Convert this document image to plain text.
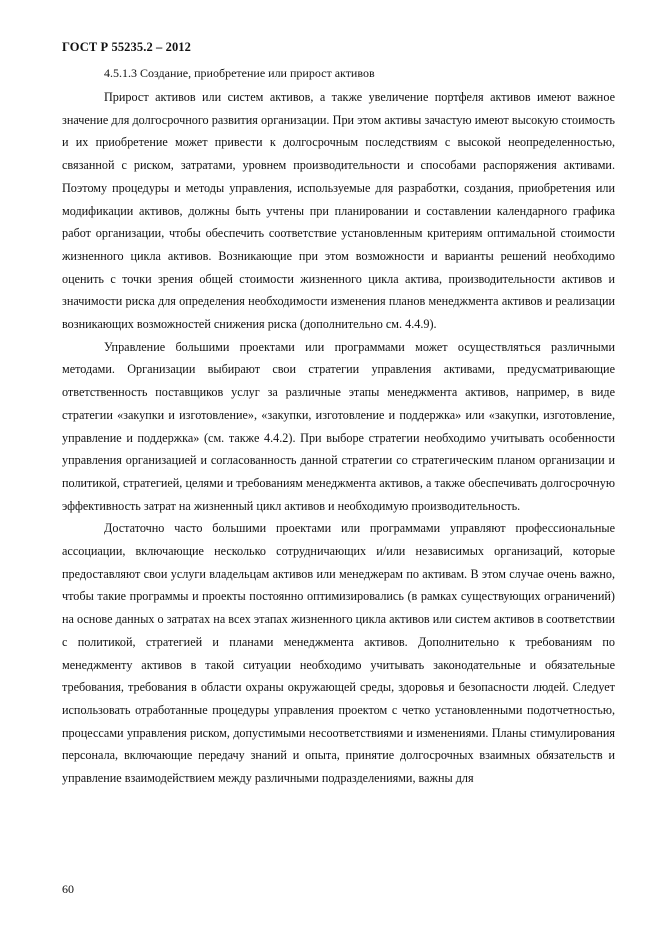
ГОСТ Р 55235.2 – 2012

4.5.1.3 Создание, приобретение или прирост активов

Прирост активов или систем активов, а также увеличение портфеля активов имеют важное значение для долгосрочного развития организации. При этом активы зачастую имеют высокую стоимость и их приобретение может привести к долгосрочным последствиям с высокой неопределенностью, связанной с риском, затратами, уровнем производительности и способами распоряжения активами. Поэтому процедуры и методы управления, используемые для разработки, создания, приобретения или модификации активов, должны быть учтены при планировании и составлении календарного графика работ организации, чтобы обеспечить соответствие установленным критериям оптимальной стоимости жизненного цикла активов. Возникающие при этом возможности и варианты решений необходимо оценить с точки зрения общей стоимости жизненного цикла актива, производительности активов и значимости риска для определения необходимости изменения планов менеджмента активов и реализации возникающих возможностей снижения риска (дополнительно см. 4.4.9).

Управление большими проектами или программами может осуществляться различными методами. Организации выбирают свои стратегии управления активами, предусматривающие ответственность поставщиков услуг за различные этапы менеджмента активов, например, в виде стратегии «закупки и изготовление», «закупки, изготовление и поддержка» или «закупки, изготовление, управление и поддержка» (см. также 4.4.2). При выборе стратегии необходимо учитывать особенности управления организацией и согласованность данной стратегии со стратегическим планом организации и политикой, стратегией, целями и требованиям менеджмента активов, а также обеспечивать долгосрочную эффективность затрат на жизненный цикл активов и необходимую производительность.

Достаточно часто большими проектами или программами управляют профессиональные ассоциации, включающие несколько сотрудничающих и/или независимых организаций, которые предоставляют свои услуги владельцам активов или менеджерам по активам. В этом случае очень важно, чтобы такие программы и проекты постоянно оптимизировались (в рамках существующих ограничений) на основе данных о затратах на всех этапах жизненного цикла активов или систем активов в соответствии с политикой, стратегией и планами менеджмента активов. Дополнительно к требованиям по менеджменту активов в такой ситуации необходимо учитывать законодательные и обязательные требования, требования в области охраны окружающей среды, здоровья и безопасности людей. Следует использовать отработанные процедуры управления проектом с четко установленными подотчетностью, процессами управления риском, допустимыми несоответствиями и изменениями. Планы стимулирования персонала, включающие передачу знаний и опыта, принятие долгосрочных взаимных обязательств и управление взаимодействием между различными подразделениями, важны для

60
